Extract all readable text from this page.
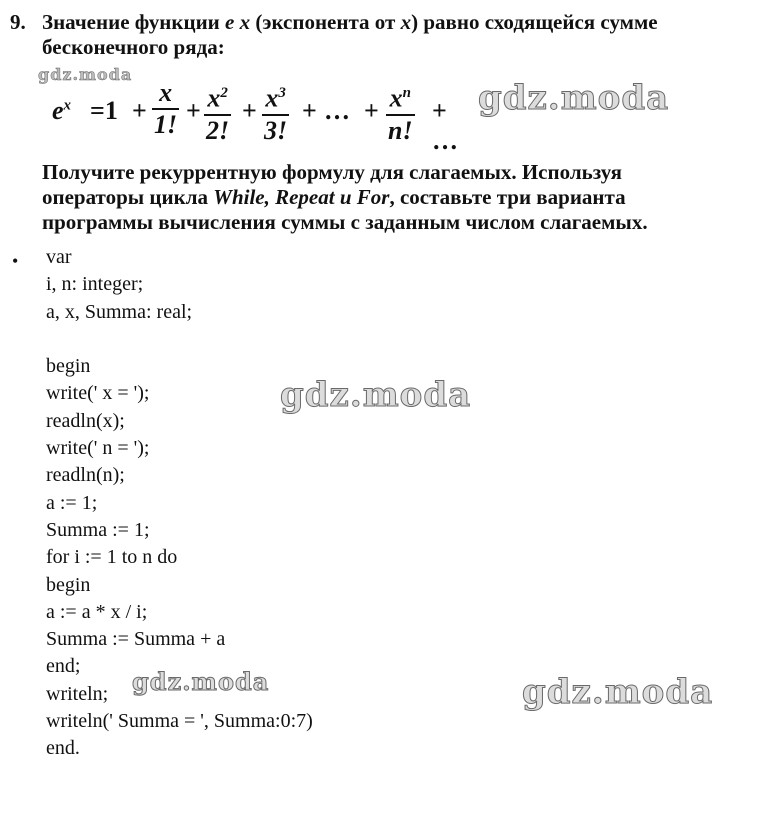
9. Значение функции e x (экспонента от x) равно сходящейся сумме
бесконечного ряда:
$e^x =1 + \frac{x}{1!} + \frac{x^2}{2!} + \frac{x^3}{3!}$ + … + $\frac{x^n}{n!}$ + …
Получите рекуррентную формулу для слагаемых. Используя
операторы цикла While, Repeat u For, составьте три варианта
программы вычисления суммы с заданным числом слагаемых.
• var
i, n: integer;
a, x, Summa: real;
begin
write(' x = ');
readln(x);
write(' n = ');
readln(n);
a := 1;
Summa := 1;
for i := 1 to n do
begin
a := a * x / i;
Summa := Summa + a
end;
writeln;
writeln(' Summa = ', Summa:0:7)
end.
gdz.moda
gdz.moda
gdz.moda
gdz.moda	gdz.moda
